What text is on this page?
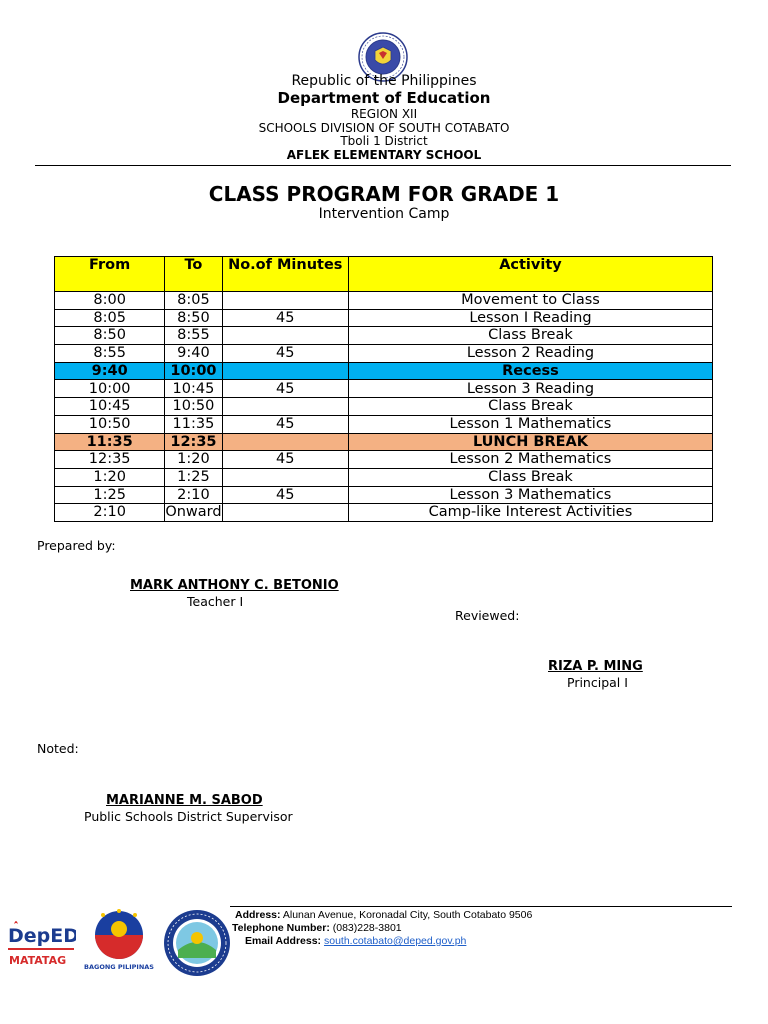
Republic of the Philippines
Department of Education
REGION XII
SCHOOLS DIVISION OF SOUTH COTABATO
Tboli 1 District
AFLEK ELEMENTARY SCHOOL
CLASS PROGRAM FOR GRADE 1
Intervention Camp
From	To	No.of Minutes	Activity
8:00	8:05		Movement to Class
8:05	8:50	45	Lesson I Reading
8:50	8:55		Class Break
8:55	9:40	45	Lesson 2 Reading
9:40	10:00		Recess
10:00	10:45	45	Lesson 3 Reading
10:45	10:50		Class Break
10:50	11:35	45	Lesson 1 Mathematics
11:35	12:35		LUNCH BREAK
12:35	1:20	45	Lesson 2 Mathematics
1:20	1:25		Class Break
1:25	2:10	45	Lesson 3 Mathematics
2:10	Onward		Camp-like Interest Activities
Prepared by:
MARK ANTHONY C. BETONIO
Teacher I
Reviewed:
RIZA P. MING
Principal I
Noted:
MARIANNE M. SABOD
Public Schools District Supervisor
DepED
MATATAG	BAGONG PILIPINAS
Address: Alunan Avenue, Koronadal City, South Cotabato 9506
Telephone Number: (083)228-3801
Email Address: south.cotabato@deped.gov.ph
